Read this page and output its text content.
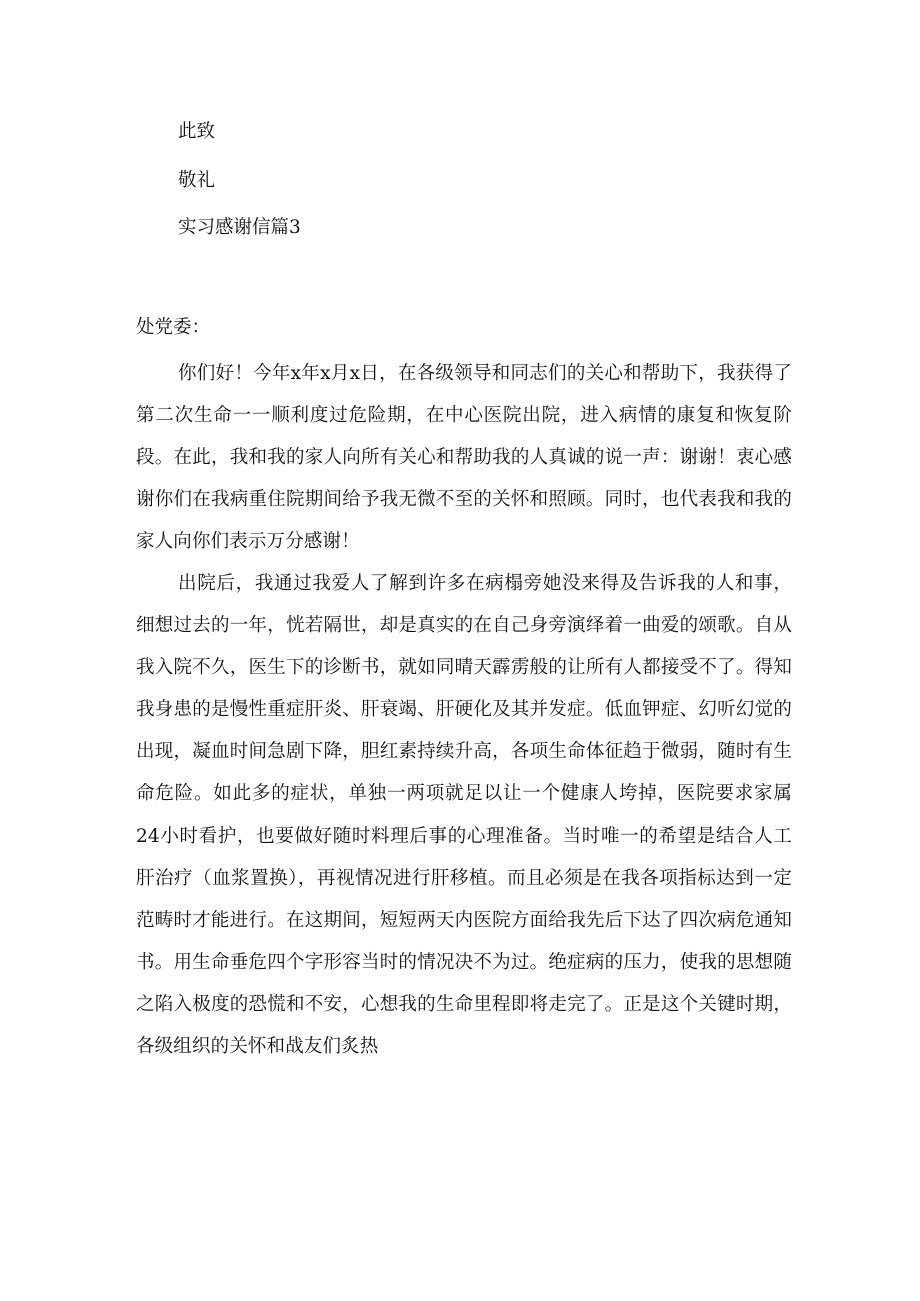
此致
敬礼
实习感谢信篇3
处党委：

你们好！今年x年x月x日，在各级领导和同志们的关心和帮助下，我获得了第二次生命一一顺利度过危险期，在中心医院出院，进入病情的康复和恢复阶段。在此，我和我的家人向所有关心和帮助我的人真诚的说一声：谢谢！衷心感谢你们在我病重住院期间给予我无微不至的关怀和照顾。同时，也代表我和我的家人向你们表示万分感谢！

出院后，我通过我爱人了解到许多在病榻旁她没来得及告诉我的人和事，细想过去的一年，恍若隔世，却是真实的在自己身旁演绎着一曲爱的颂歌。自从我入院不久，医生下的诊断书，就如同晴天霹雳般的让所有人都接受不了。得知我身患的是慢性重症肝炎、肝衰竭、肝硬化及其并发症。低血钾症、幻听幻觉的出现，凝血时间急剧下降，胆红素持续升高，各项生命体征趋于微弱，随时有生命危险。如此多的症状，单独一两项就足以让一个健康人垮掉，医院要求家属24小时看护，也要做好随时料理后事的心理准备。当时唯一的希望是结合人工肝治疗（血浆置换），再视情况进行肝移植。而且必须是在我各项指标达到一定范畴时才能进行。在这期间，短短两天内医院方面给我先后下达了四次病危通知书。用生命垂危四个字形容当时的情况决不为过。绝症病的压力，使我的思想随之陷入极度的恐慌和不安，心想我的生命里程即将走完了。正是这个关键时期，各级组织的关怀和战友们炙热
